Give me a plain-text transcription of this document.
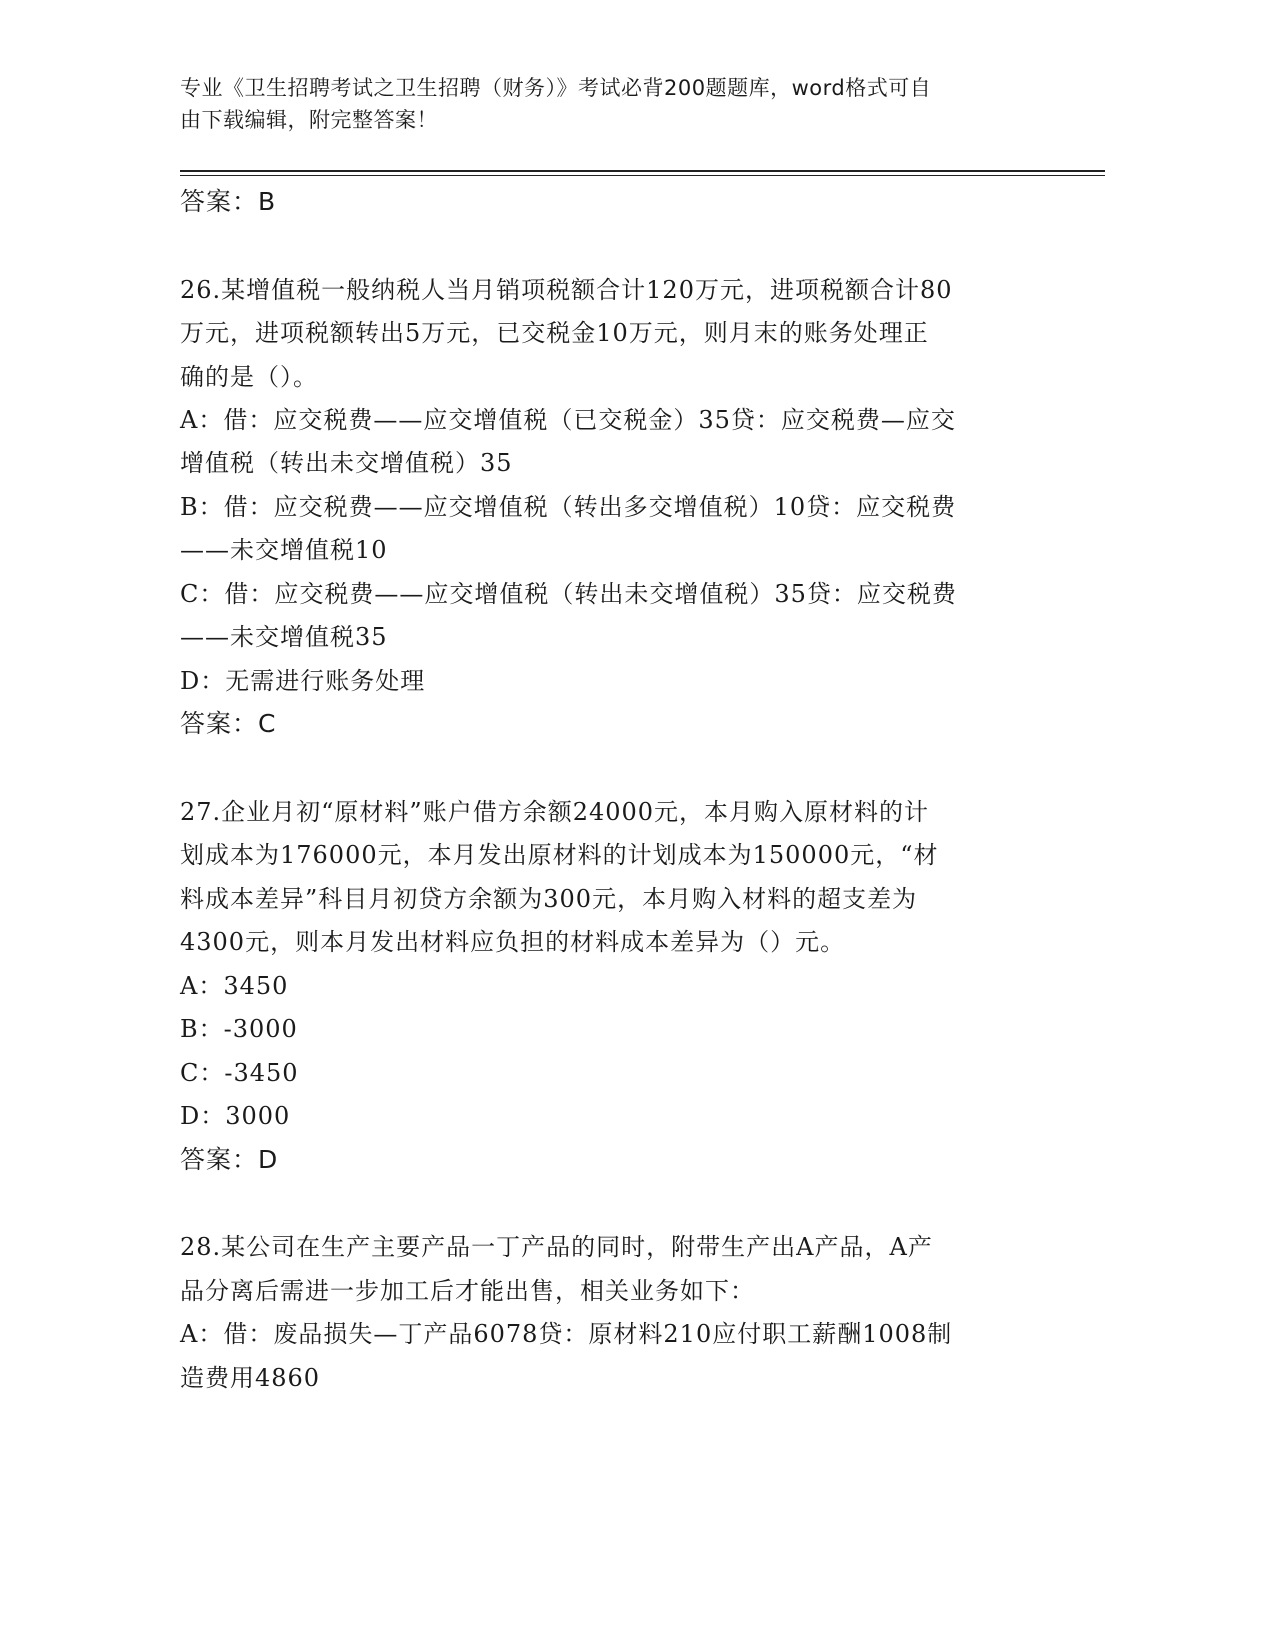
专业《卫生招聘考试之卫生招聘（财务）》考试必背200题题库，word格式可自
由下载编辑，附完整答案！
答案：B
26.某增值税一般纳税人当月销项税额合计120万元，进项税额合计80
万元，进项税额转出5万元，已交税金10万元，则月末的账务处理正
确的是（）。
A：借：应交税费——应交增值税（已交税金）35贷：应交税费—应交
增值税（转出未交增值税）35
B：借：应交税费——应交增值税（转出多交增值税）10贷：应交税费
——未交增值税10
C：借：应交税费——应交增值税（转出未交增值税）35贷：应交税费
——未交增值税35
D：无需进行账务处理
答案：C
27.企业月初“原材料”账户借方余额24000元，本月购入原材料的计
划成本为176000元，本月发出原材料的计划成本为150000元，“材
料成本差异”科目月初贷方余额为300元，本月购入材料的超支差为
4300元，则本月发出材料应负担的材料成本差异为（）元。
A：3450
B：-3000
C：-3450
D：3000
答案：D
28.某公司在生产主要产品一丁产品的同时，附带生产出A产品，A产
品分离后需进一步加工后才能出售，相关业务如下：
A：借：废品损失—丁产品6078贷：原材料210应付职工薪酬1008制
造费用4860
